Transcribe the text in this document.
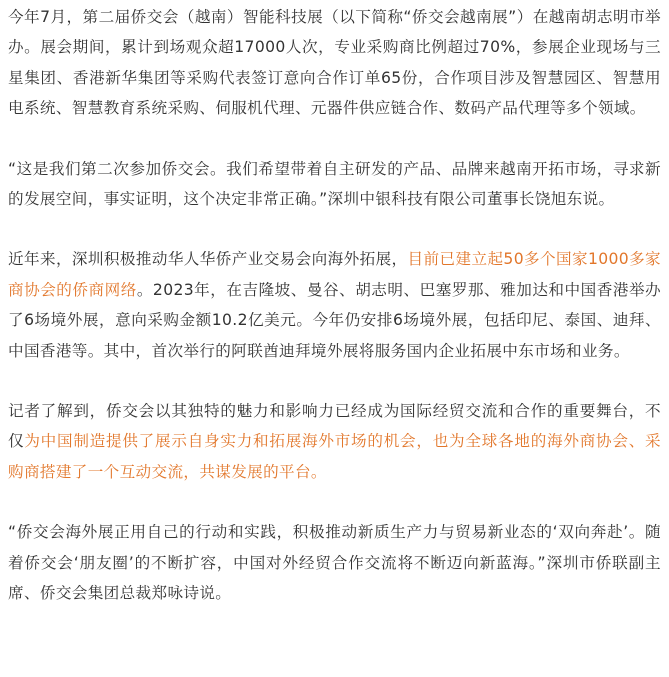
今年7月，第二届侨交会（越南）智能科技展（以下简称“侨交会越南展”）在越南胡志明市举办。展会期间，累计到场观众超17000人次，专业采购商比例超过70%，参展企业现场与三星集团、香港新华集团等采购代表签订意向合作订单65份，合作项目涉及智慧园区、智慧用电系统、智慧教育系统采购、伺服机代理、元器件供应链合作、数码产品代理等多个领域。

“这是我们第二次参加侨交会。我们希望带着自主研发的产品、品牌来越南开拓市场，寻求新的发展空间，事实证明，这个决定非常正确。”深圳中银科技有限公司董事长饶旭东说。

近年来，深圳积极推动华人华侨产业交易会向海外拓展，目前已建立起50多个国家1000多家商协会的侨商网络。2023年，在吉隆坡、曼谷、胡志明、巴塞罗那、雅加达和中国香港举办了6场境外展，意向采购金额10.2亿美元。今年仍安排6场境外展，包括印尼、泰国、迪拜、中国香港等。其中，首次举行的阿联酋迪拜境外展将服务国内企业拓展中东市场和业务。

记者了解到，侨交会以其独特的魅力和影响力已经成为国际经贸交流和合作的重要舞台，不仅为中国制造提供了展示自身实力和拓展海外市场的机会，也为全球各地的海外商协会、采购商搭建了一个互动交流，共谋发展的平台。

“侨交会海外展正用自己的行动和实践，积极推动新质生产力与贸易新业态的‘双向奔赴’。随着侨交会‘朋友圈’的不断扩容，中国对外经贸合作交流将不断迈向新蓝海。”深圳市侨联副主席、侨交会集团总裁郑咏诗说。
